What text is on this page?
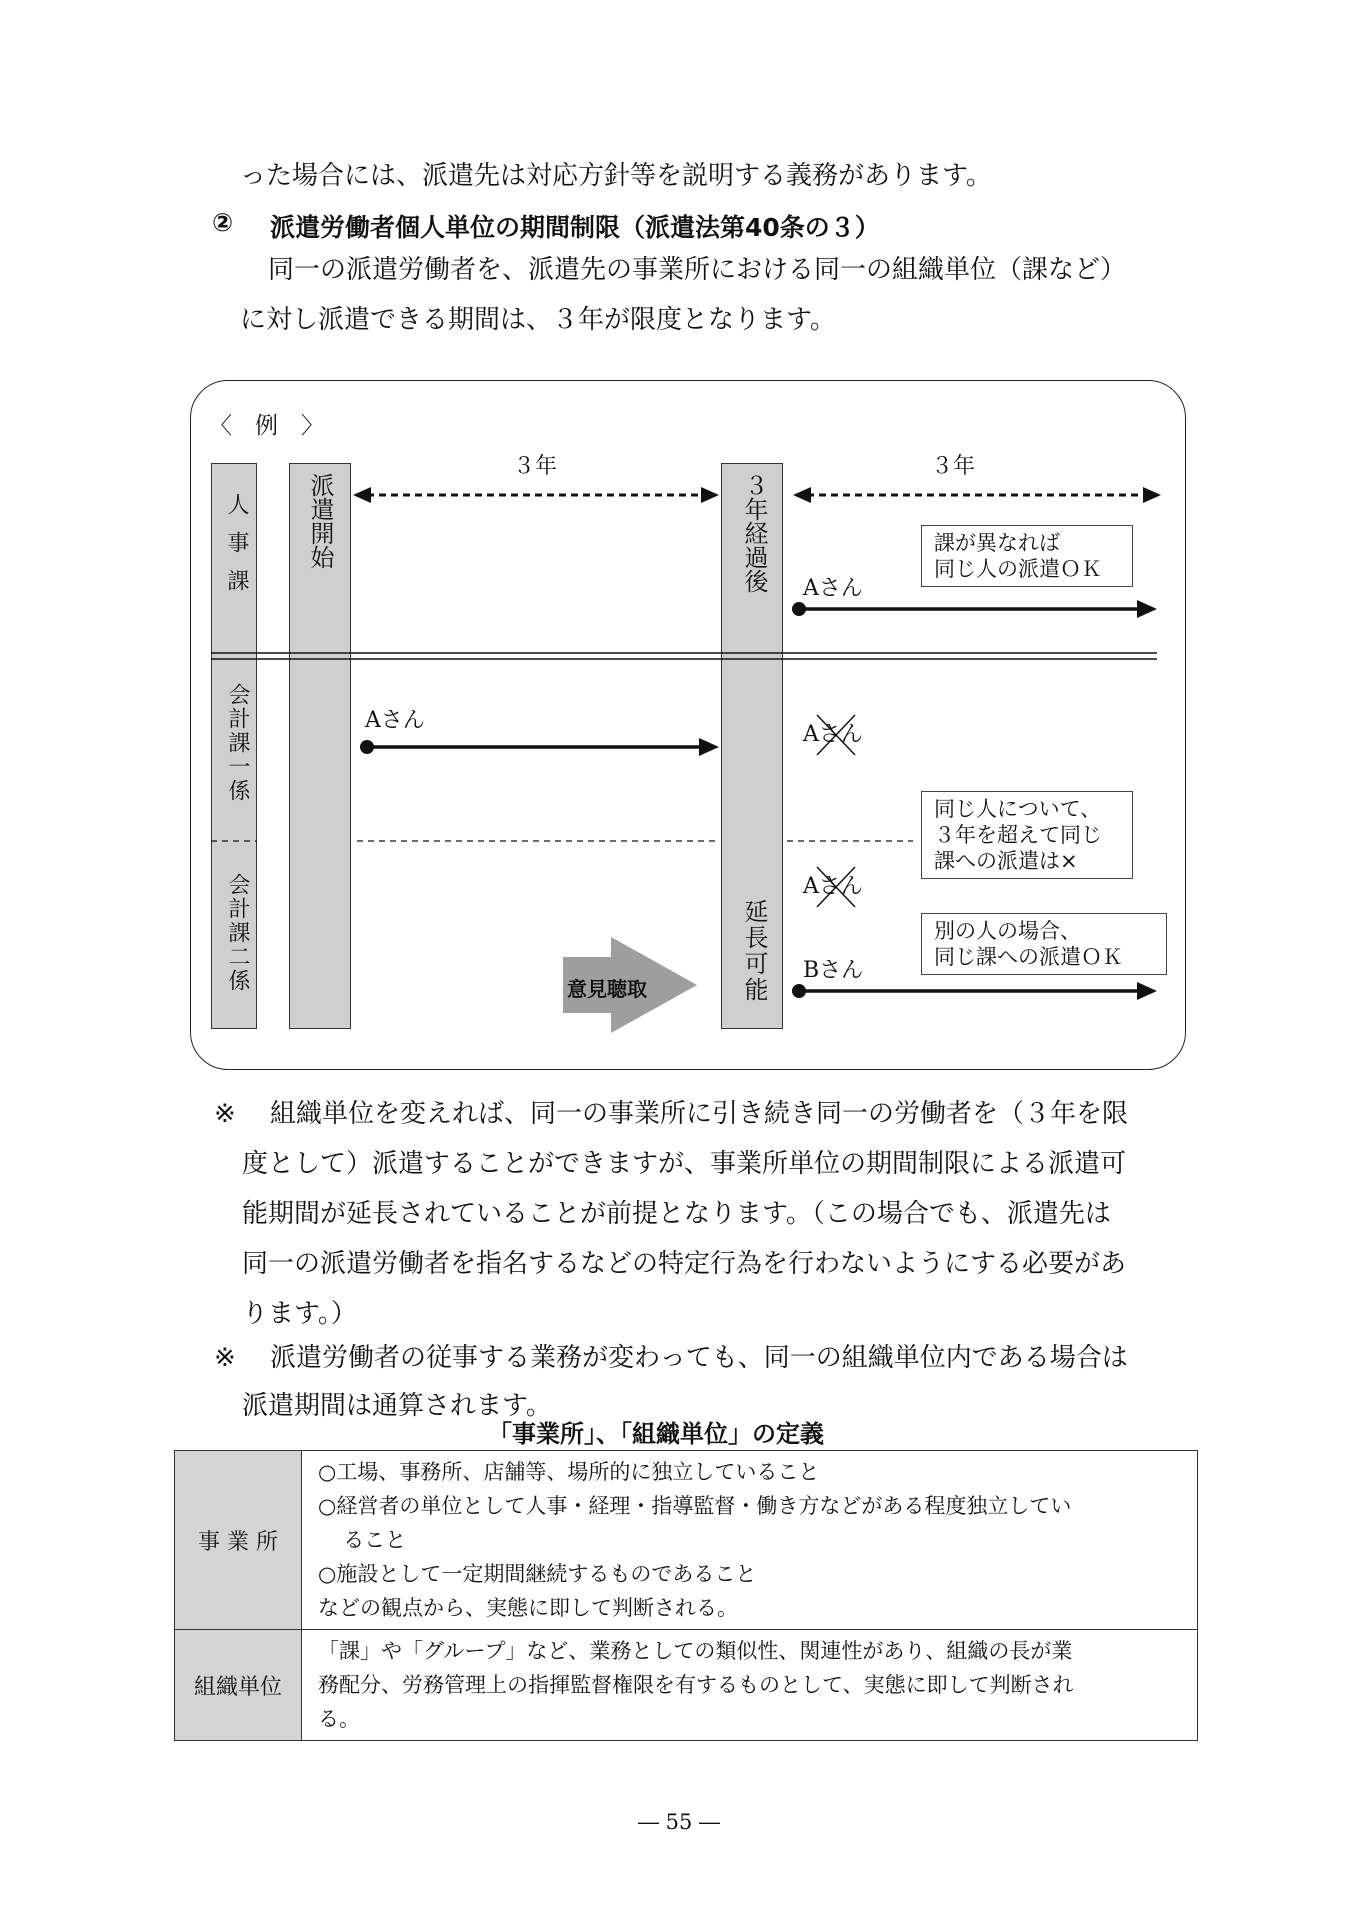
った場合には、派遣先は対応方針等を説明する義務があります。
② 派遣労働者個人単位の期間制限（派遣法第40条の３）
同一の派遣労働者を、派遣先の事業所における同一の組織単位（課など）
に対し派遣できる期間は、３年が限度となります。
〈　例　〉
人事課
会計課一係
会計課二係
派遣開始	３年経過後
延長可能
３年	３年
Aさん
Aさん
Aさん
Aさん
Bさん
課が異なれば
同じ人の派遣ＯＫ
同じ人について、
３年を超えて同じ
課への派遣は×
別の人の場合、
同じ課への派遣ＯＫ
意見聴取
※ 組織単位を変えれば、同一の事業所に引き続き同一の労働者を（３年を限
度として）派遣することができますが、事業所単位の期間制限による派遣可
能期間が延長されていることが前提となります。（この場合でも、派遣先は
同一の派遣労働者を指名するなどの特定行為を行わないようにする必要があ
ります。）
※ 派遣労働者の従事する業務が変わっても、同一の組織単位内である場合は
派遣期間は通算されます。
「事業所」、「組織単位」の定義
事 業 所	○工場、事務所、店舗等、場所的に独立していること
○経営者の単位として人事・経理・指導監督・働き方などがある程度独立してい
ること
○施設として一定期間継続するものであること
などの観点から、実態に即して判断される。

組織単位	「課」や「グループ」など、業務としての類似性、関連性があり、組織の長が業
務配分、労務管理上の指揮監督権限を有するものとして、実態に即して判断され
る。
― 55 ―
